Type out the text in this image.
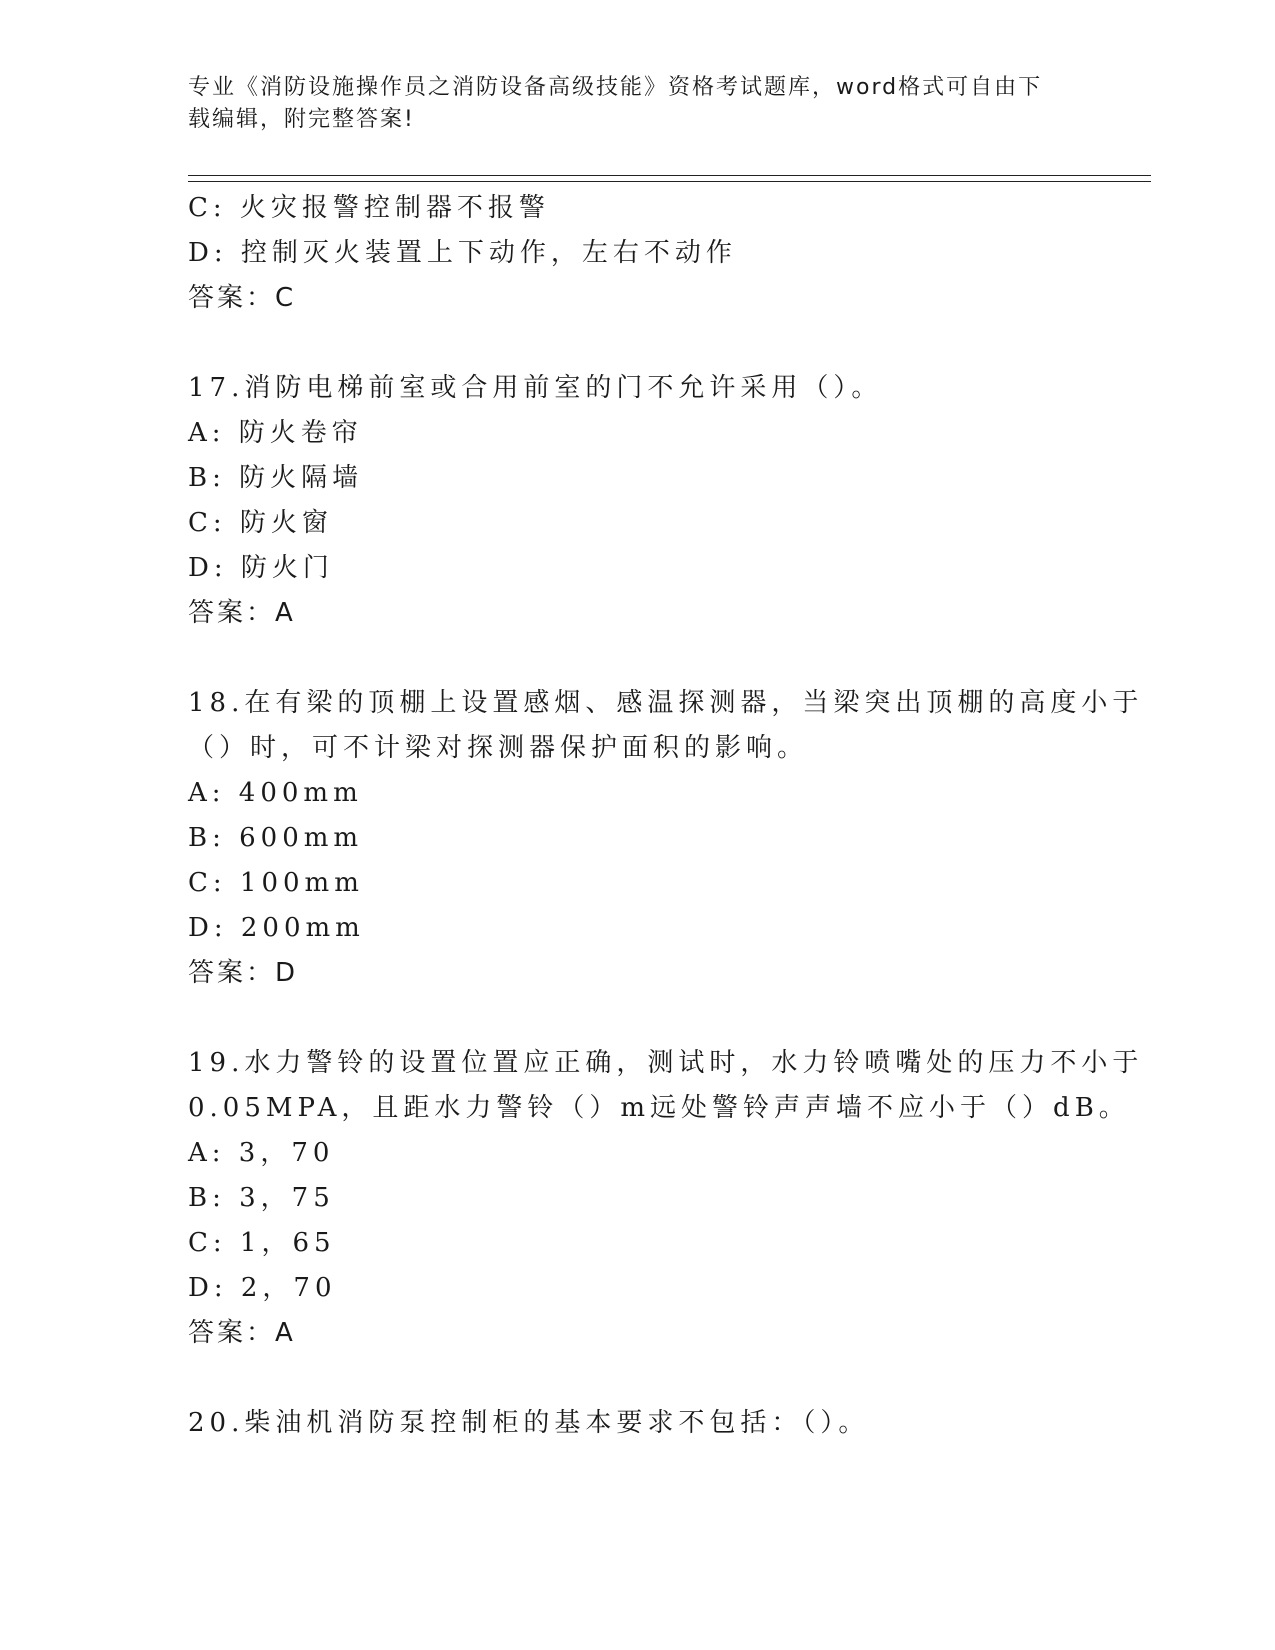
专业《消防设施操作员之消防设备高级技能》资格考试题库，word格式可自由下
载编辑，附完整答案!
C: 火灾报警控制器不报警
D: 控制灭火装置上下动作，左右不动作
答案：C
17.消防电梯前室或合用前室的门不允许采用（）。
A: 防火卷帘
B: 防火隔墙
C: 防火窗
D: 防火门
答案：A
18.在有梁的顶棚上设置感烟、感温探测器，当梁突出顶棚的高度小于
（）时，可不计梁对探测器保护面积的影响。
A: 400mm
B: 600mm
C: 100mm
D: 200mm
答案：D
19.水力警铃的设置位置应正确，测试时，水力铃喷嘴处的压力不小于
0.05MPA，且距水力警铃（）m远处警铃声声墙不应小于（）dB。
A: 3，70
B: 3，75
C: 1，65
D: 2，70
答案：A
20.柴油机消防泵控制柜的基本要求不包括：（）。
